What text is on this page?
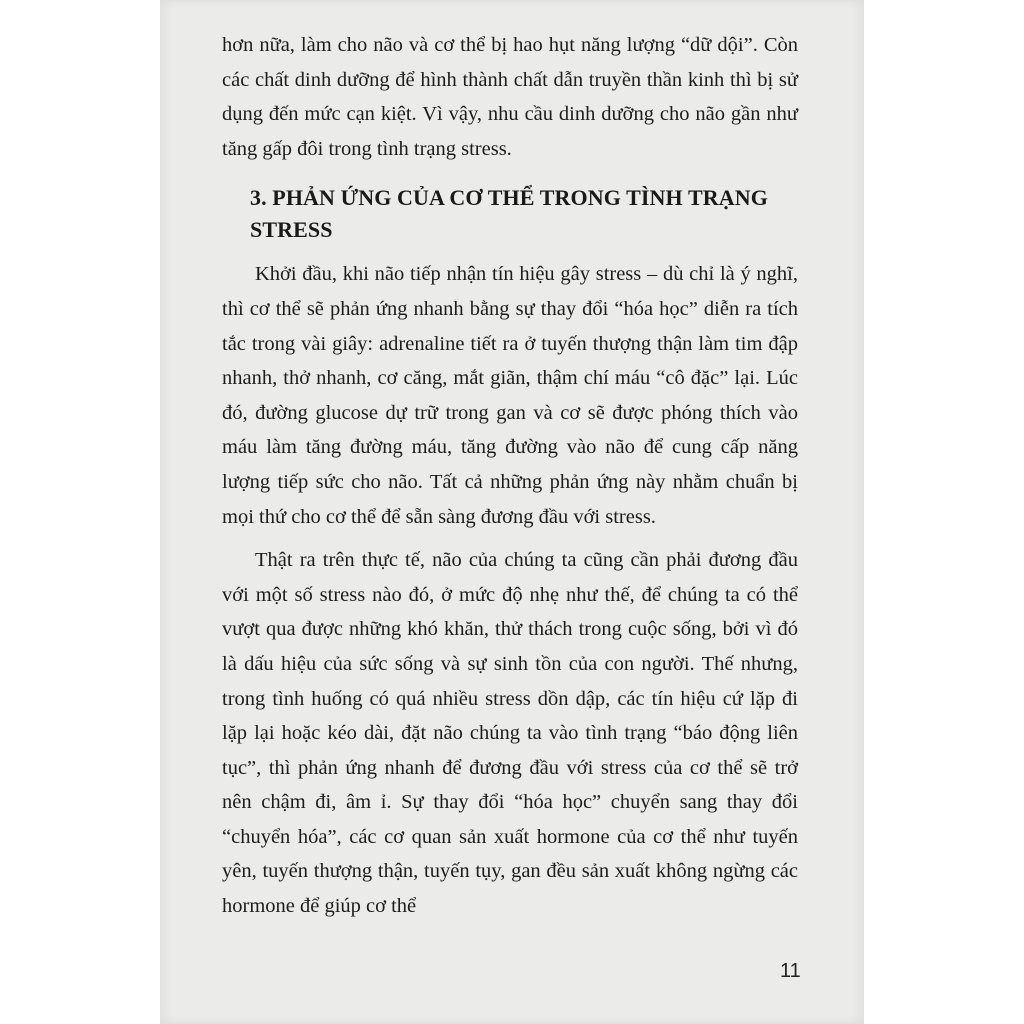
hơn nữa, làm cho não và cơ thể bị hao hụt năng lượng “dữ dội”. Còn các chất dinh dưỡng để hình thành chất dẫn truyền thần kinh thì bị sử dụng đến mức cạn kiệt. Vì vậy, nhu cầu dinh dưỡng cho não gần như tăng gấp đôi trong tình trạng stress.

3. PHẢN ỨNG CỦA CƠ THỂ TRONG TÌNH TRẠNG STRESS

Khởi đầu, khi não tiếp nhận tín hiệu gây stress – dù chỉ là ý nghĩ, thì cơ thể sẽ phản ứng nhanh bằng sự thay đổi “hóa học” diễn ra tích tắc trong vài giây: adrenaline tiết ra ở tuyến thượng thận làm tim đập nhanh, thở nhanh, cơ căng, mắt giãn, thậm chí máu “cô đặc” lại. Lúc đó, đường glucose dự trữ trong gan và cơ sẽ được phóng thích vào máu làm tăng đường máu, tăng đường vào não để cung cấp năng lượng tiếp sức cho não. Tất cả những phản ứng này nhằm chuẩn bị mọi thứ cho cơ thể để sẵn sàng đương đầu với stress.

Thật ra trên thực tế, não của chúng ta cũng cần phải đương đầu với một số stress nào đó, ở mức độ nhẹ như thế, để chúng ta có thể vượt qua được những khó khăn, thử thách trong cuộc sống, bởi vì đó là dấu hiệu của sức sống và sự sinh tồn của con người. Thế nhưng, trong tình huống có quá nhiều stress dồn dập, các tín hiệu cứ lặp đi lặp lại hoặc kéo dài, đặt não chúng ta vào tình trạng “báo động liên tục”, thì phản ứng nhanh để đương đầu với stress của cơ thể sẽ trở nên chậm đi, âm ỉ. Sự thay đổi “hóa học” chuyển sang thay đổi “chuyển hóa”, các cơ quan sản xuất hormone của cơ thể như tuyến yên, tuyến thượng thận, tuyến tụy, gan đều sản xuất không ngừng các hormone để giúp cơ thể

11
